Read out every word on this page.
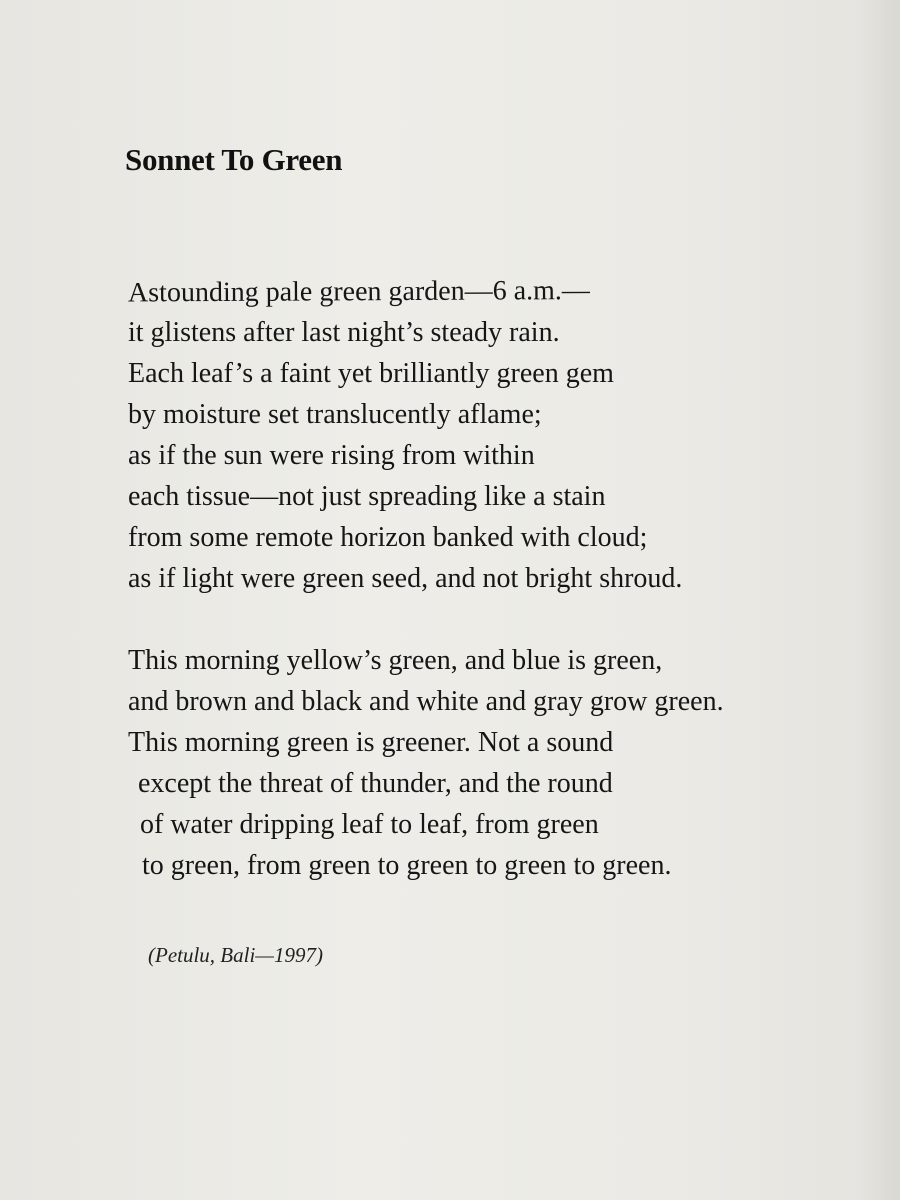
Sonnet To Green
Astounding pale green garden—6 a.m.—
it glistens after last night’s steady rain.
Each leaf’s a faint yet brilliantly green gem
by moisture set translucently aflame;
as if the sun were rising from within
each tissue—not just spreading like a stain
from some remote horizon banked with cloud;
as if light were green seed, and not bright shroud.
This morning yellow’s green, and blue is green,
and brown and black and white and gray grow green.
This morning green is greener. Not a sound
except the threat of thunder, and the round
of water dripping leaf to leaf, from green
to green, from green to green to green to green.

(Petulu, Bali—1997)
